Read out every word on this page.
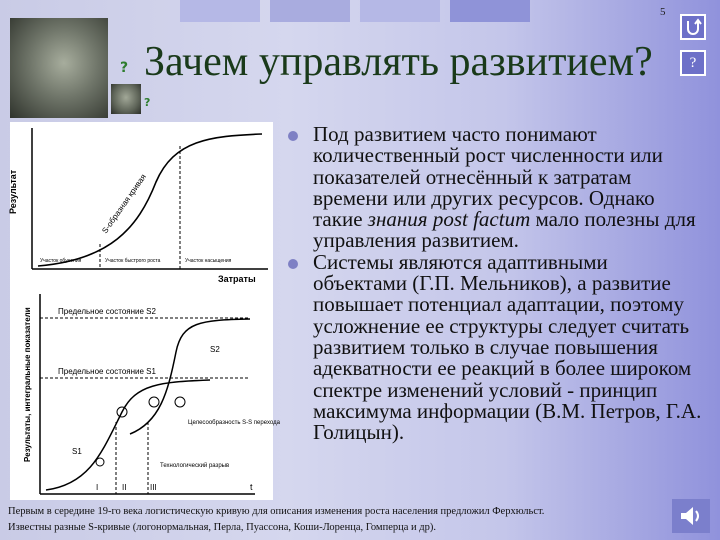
5
?
?
?
Зачем управлять развитием?
Результат
Затраты
S-образная кривая
Участок обучения	Участок быстрого роста	Участок насыщения
Результаты, интегральные показатели
t
Предельное состояние S2
Предельное состояние S1
S1
S2
Целесообразность S-S перехода
Технологический разрыв
I	II	III
Под развитием часто понимают количественный рост численности или показателей отнесённый к затратам времени или других ресурсов. Однако такие знания post factum мало полезны для управления развитием.
Системы являются адаптивными объектами (Г.П. Мельников), а развитие повышает потенциал адаптации, поэтому усложнение ее структуры следует считать развитием только в случае повышения адекватности ее реакций в более широком спектре изменений условий - принцип максимума информации (В.М. Петров, Г.А. Голицын).
Первым в середине 19-го века логистическую кривую для описания изменения роста населения предложил Ферхюльст.
Известны разные S-кривые (логонормальная, Перла, Пуассона, Коши-Лоренца, Гомперца и др).
